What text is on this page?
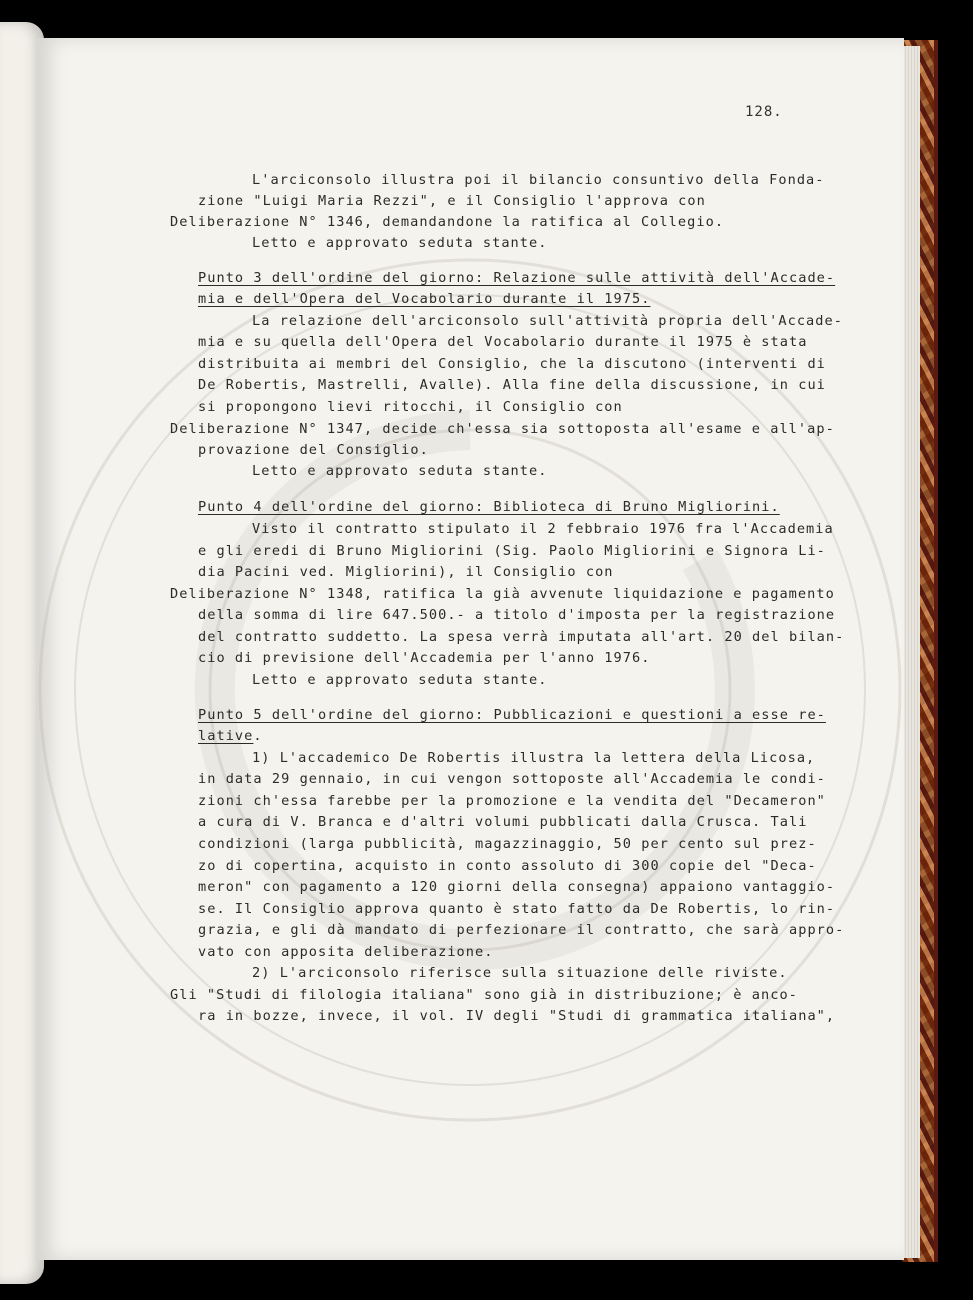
128.
L'arciconsolo illustra poi il bilancio consuntivo della Fonda-
zione "Luigi Maria Rezzi", e il Consiglio l'approva con
Deliberazione N° 1346, demandandone la ratifica al Collegio.
Letto e approvato seduta stante.
Punto 3 dell'ordine del giorno: Relazione sulle attività dell'Accade-
mia e dell'Opera del Vocabolario durante il 1975.
La relazione dell'arciconsolo sull'attività propria dell'Accade-
mia e su quella dell'Opera del Vocabolario durante il 1975 è stata
distribuita ai membri del Consiglio, che la discutono (interventi di
De Robertis, Mastrelli, Avalle). Alla fine della discussione, in cui
si propongono lievi ritocchi, il Consiglio con
Deliberazione N° 1347, decide ch'essa sia sottoposta all'esame e all'ap-
provazione del Consiglio.
Letto e approvato seduta stante.
Punto 4 dell'ordine del giorno: Biblioteca di Bruno Migliorini.
Visto il contratto stipulato il 2 febbraio 1976 fra l'Accademia
e gli eredi di Bruno Migliorini (Sig. Paolo Migliorini e Signora Li-
dia Pacini ved. Migliorini), il Consiglio con
Deliberazione N° 1348, ratifica la già avvenute liquidazione e pagamento
della somma di lire 647.500.- a titolo d'imposta per la registrazione
del contratto suddetto. La spesa verrà imputata all'art. 20 del bilan-
cio di previsione dell'Accademia per l'anno 1976.
Letto e approvato seduta stante.
Punto 5 dell'ordine del giorno: Pubblicazioni e questioni a esse re-
lative.
1) L'accademico De Robertis illustra la lettera della Licosa,
in data 29 gennaio, in cui vengon sottoposte all'Accademia le condi-
zioni ch'essa farebbe per la promozione e la vendita del "Decameron"
a cura di V. Branca e d'altri volumi pubblicati dalla Crusca. Tali
condizioni (larga pubblicità, magazzinaggio, 50 per cento sul prez-
zo di copertina, acquisto in conto assoluto di 300 copie del "Deca-
meron" con pagamento a 120 giorni della consegna) appaiono vantaggio-
se. Il Consiglio approva quanto è stato fatto da De Robertis, lo rin-
grazia, e gli dà mandato di perfezionare il contratto, che sarà appro-
vato con apposita deliberazione.
2) L'arciconsolo riferisce sulla situazione delle riviste.
Gli "Studi di filologia italiana" sono già in distribuzione; è anco-
ra in bozze, invece, il vol. IV degli "Studi di grammatica italiana",
